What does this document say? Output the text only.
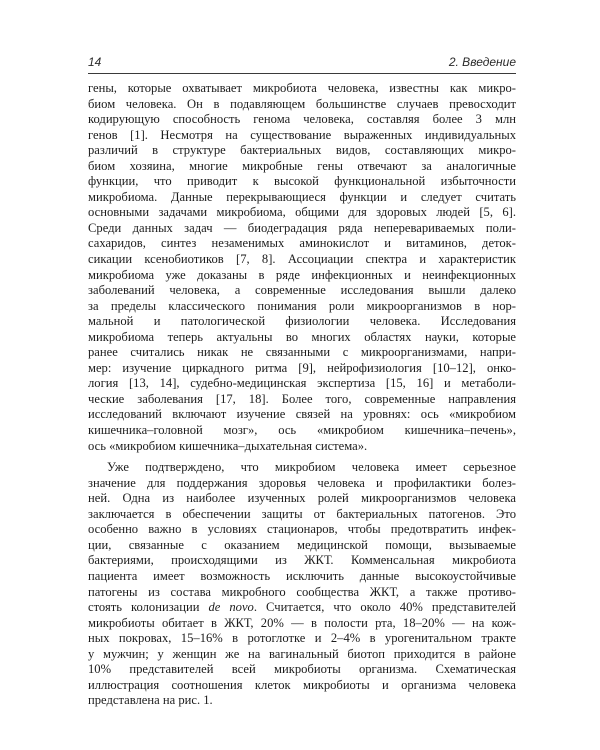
14	2. Введение
гены, которые охватывает микробиота человека, известны как микро-
биом человека. Он в подавляющем большинстве случаев превосходит
кодирующую способность генома человека, составляя более 3 млн
генов [1]. Несмотря на существование выраженных индивидуальных
различий в структуре бактериальных видов, составляющих микро-
биом хозяина, многие микробные гены отвечают за аналогичные
функции, что приводит к высокой функциональной избыточности
микробиома. Данные перекрывающиеся функции и следует считать
основными задачами микробиома, общими для здоровых людей [5, 6].
Среди данных задач — биодеградация ряда неперевариваемых поли-
сахаридов, синтез незаменимых аминокислот и витаминов, деток-
сикации ксенобиотиков [7, 8]. Ассоциации спектра и характеристик
микробиома уже доказаны в ряде инфекционных и неинфекционных
заболеваний человека, а современные исследования вышли далеко
за пределы классического понимания роли микроорганизмов в нор-
мальной и патологической физиологии человека. Исследования
микробиома теперь актуальны во многих областях науки, которые
ранее считались никак не связанными с микроорганизмами, напри-
мер: изучение циркадного ритма [9], нейрофизиология [10–12], онко-
логия [13, 14], судебно-медицинская экспертиза [15, 16] и метаболи-
ческие заболевания [17, 18]. Более того, современные направления
исследований включают изучение связей на уровнях: ось «микробиом
кишечника–головной мозг», ось «микробиом кишечника–печень»,
ось «микробиом кишечника–дыхательная система».
Уже подтверждено, что микробиом человека имеет серьезное
значение для поддержания здоровья человека и профилактики болез-
ней. Одна из наиболее изученных ролей микроорганизмов человека
заключается в обеспечении защиты от бактериальных патогенов. Это
особенно важно в условиях стационаров, чтобы предотвратить инфек-
ции, связанные с оказанием медицинской помощи, вызываемые
бактериями, происходящими из ЖКТ. Комменсальная микробиота
пациента имеет возможность исключить данные высокоустойчивые
патогены из состава микробного сообщества ЖКТ, а также противо-
стоять колонизации de novo. Считается, что около 40% представителей
микробиоты обитает в ЖКТ, 20% — в полости рта, 18–20% — на кож-
ных покровах, 15–16% в ротоглотке и 2–4% в урогенитальном тракте
у мужчин; у женщин же на вагинальный биотоп приходится в районе
10% представителей всей микробиоты организма. Схематическая
иллюстрация соотношения клеток микробиоты и организма человека
представлена на рис. 1.
